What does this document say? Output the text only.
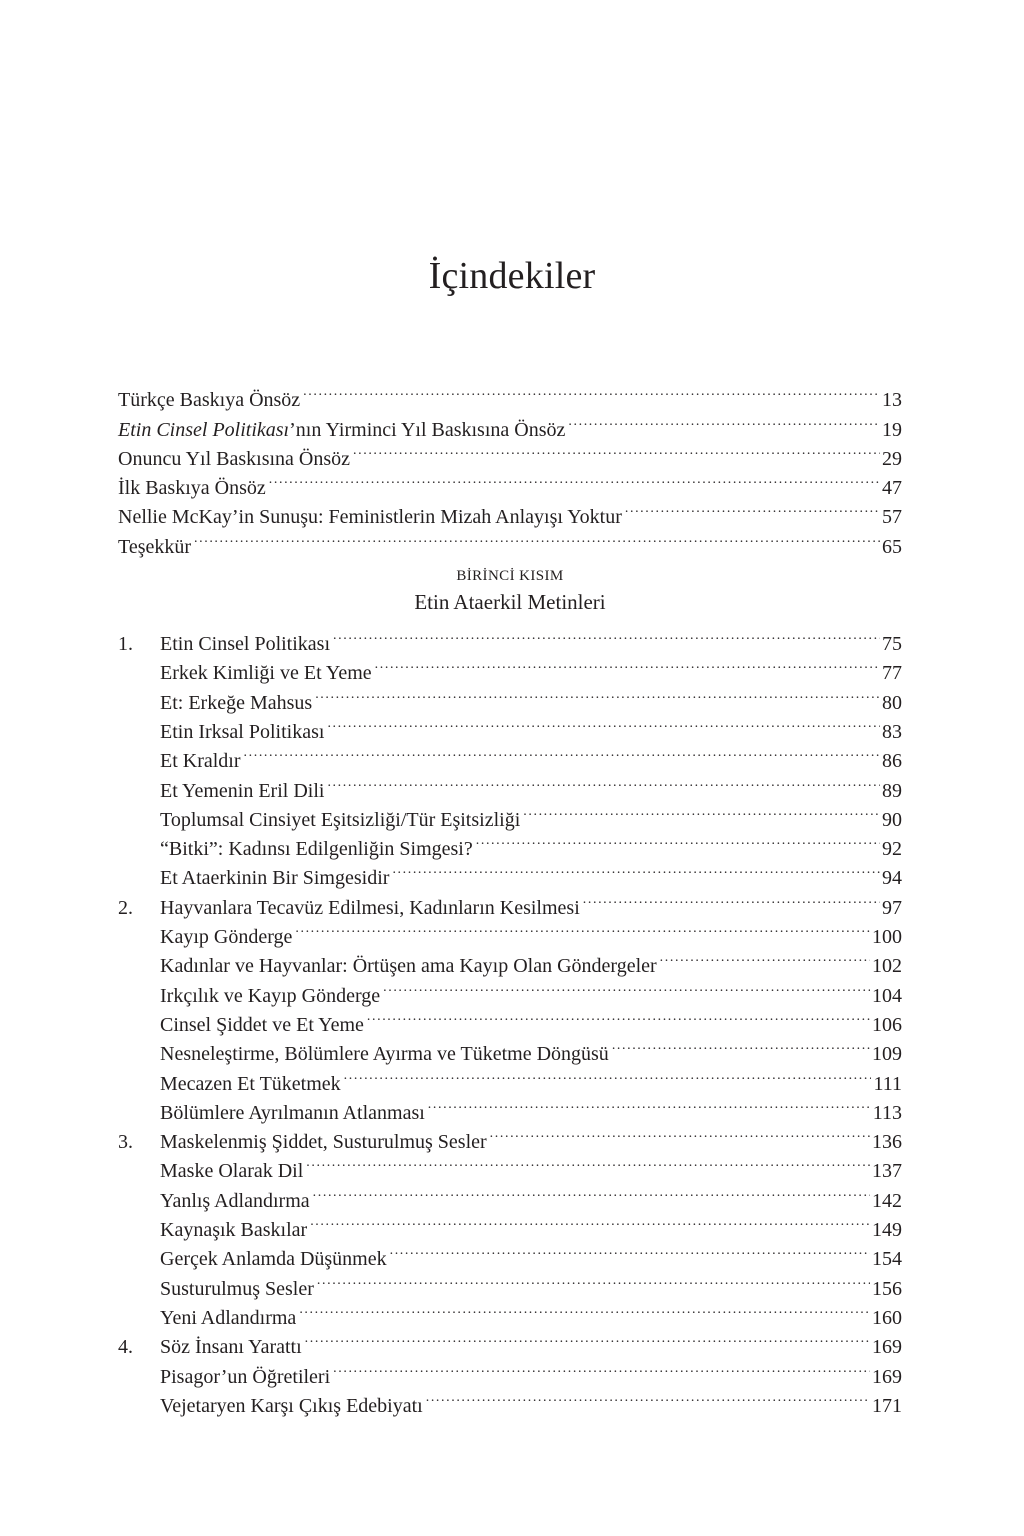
İçindekiler
Türkçe Baskıya Önsöz .....	13
Etin Cinsel Politikası’nın Yirminci Yıl Baskısına Önsöz .....	19
Onuncu Yıl Baskısına Önsöz .....	29
İlk Baskıya Önsöz .....	47
Nellie McKay’in Sunuşu: Feministlerin Mizah Anlayışı Yoktur .....	57
Teşekkür .....	65
BİRİNCİ KISIM
Etin Ataerkil Metinleri
1.	Etin Cinsel Politikası .....	75
Erkek Kimliği ve Et Yeme .....	77
Et: Erkeğe Mahsus .....	80
Etin Irksal Politikası .....	83
Et Kraldır .....	86
Et Yemenin Eril Dili .....	89
Toplumsal Cinsiyet Eşitsizliği/Tür Eşitsizliği .....	90
“Bitki”: Kadınsı Edilgenliğin Simgesi? .....	92
Et Ataerkinin Bir Simgesidir .....	94
2.	Hayvanlara Tecavüz Edilmesi, Kadınların Kesilmesi .....	97
Kayıp Gönderge .....	100
Kadınlar ve Hayvanlar: Örtüşen ama Kayıp Olan Göndergeler .....	102
Irkçılık ve Kayıp Gönderge .....	104
Cinsel Şiddet ve Et Yeme .....	106
Nesneleştirme, Bölümlere Ayırma ve Tüketme Döngüsü .....	109
Mecazen Et Tüketmek .....	111
Bölümlere Ayrılmanın Atlanması .....	113
3.	Maskelenmiş Şiddet, Susturulmuş Sesler .....	136
Maske Olarak Dil .....	137
Yanlış Adlandırma .....	142
Kaynaşık Baskılar .....	149
Gerçek Anlamda Düşünmek .....	154
Susturulmuş Sesler .....	156
Yeni Adlandırma .....	160
4.	Söz İnsanı Yarattı .....	169
Pisagor’un Öğretileri .....	169
Vejetaryen Karşı Çıkış Edebiyatı .....	171
